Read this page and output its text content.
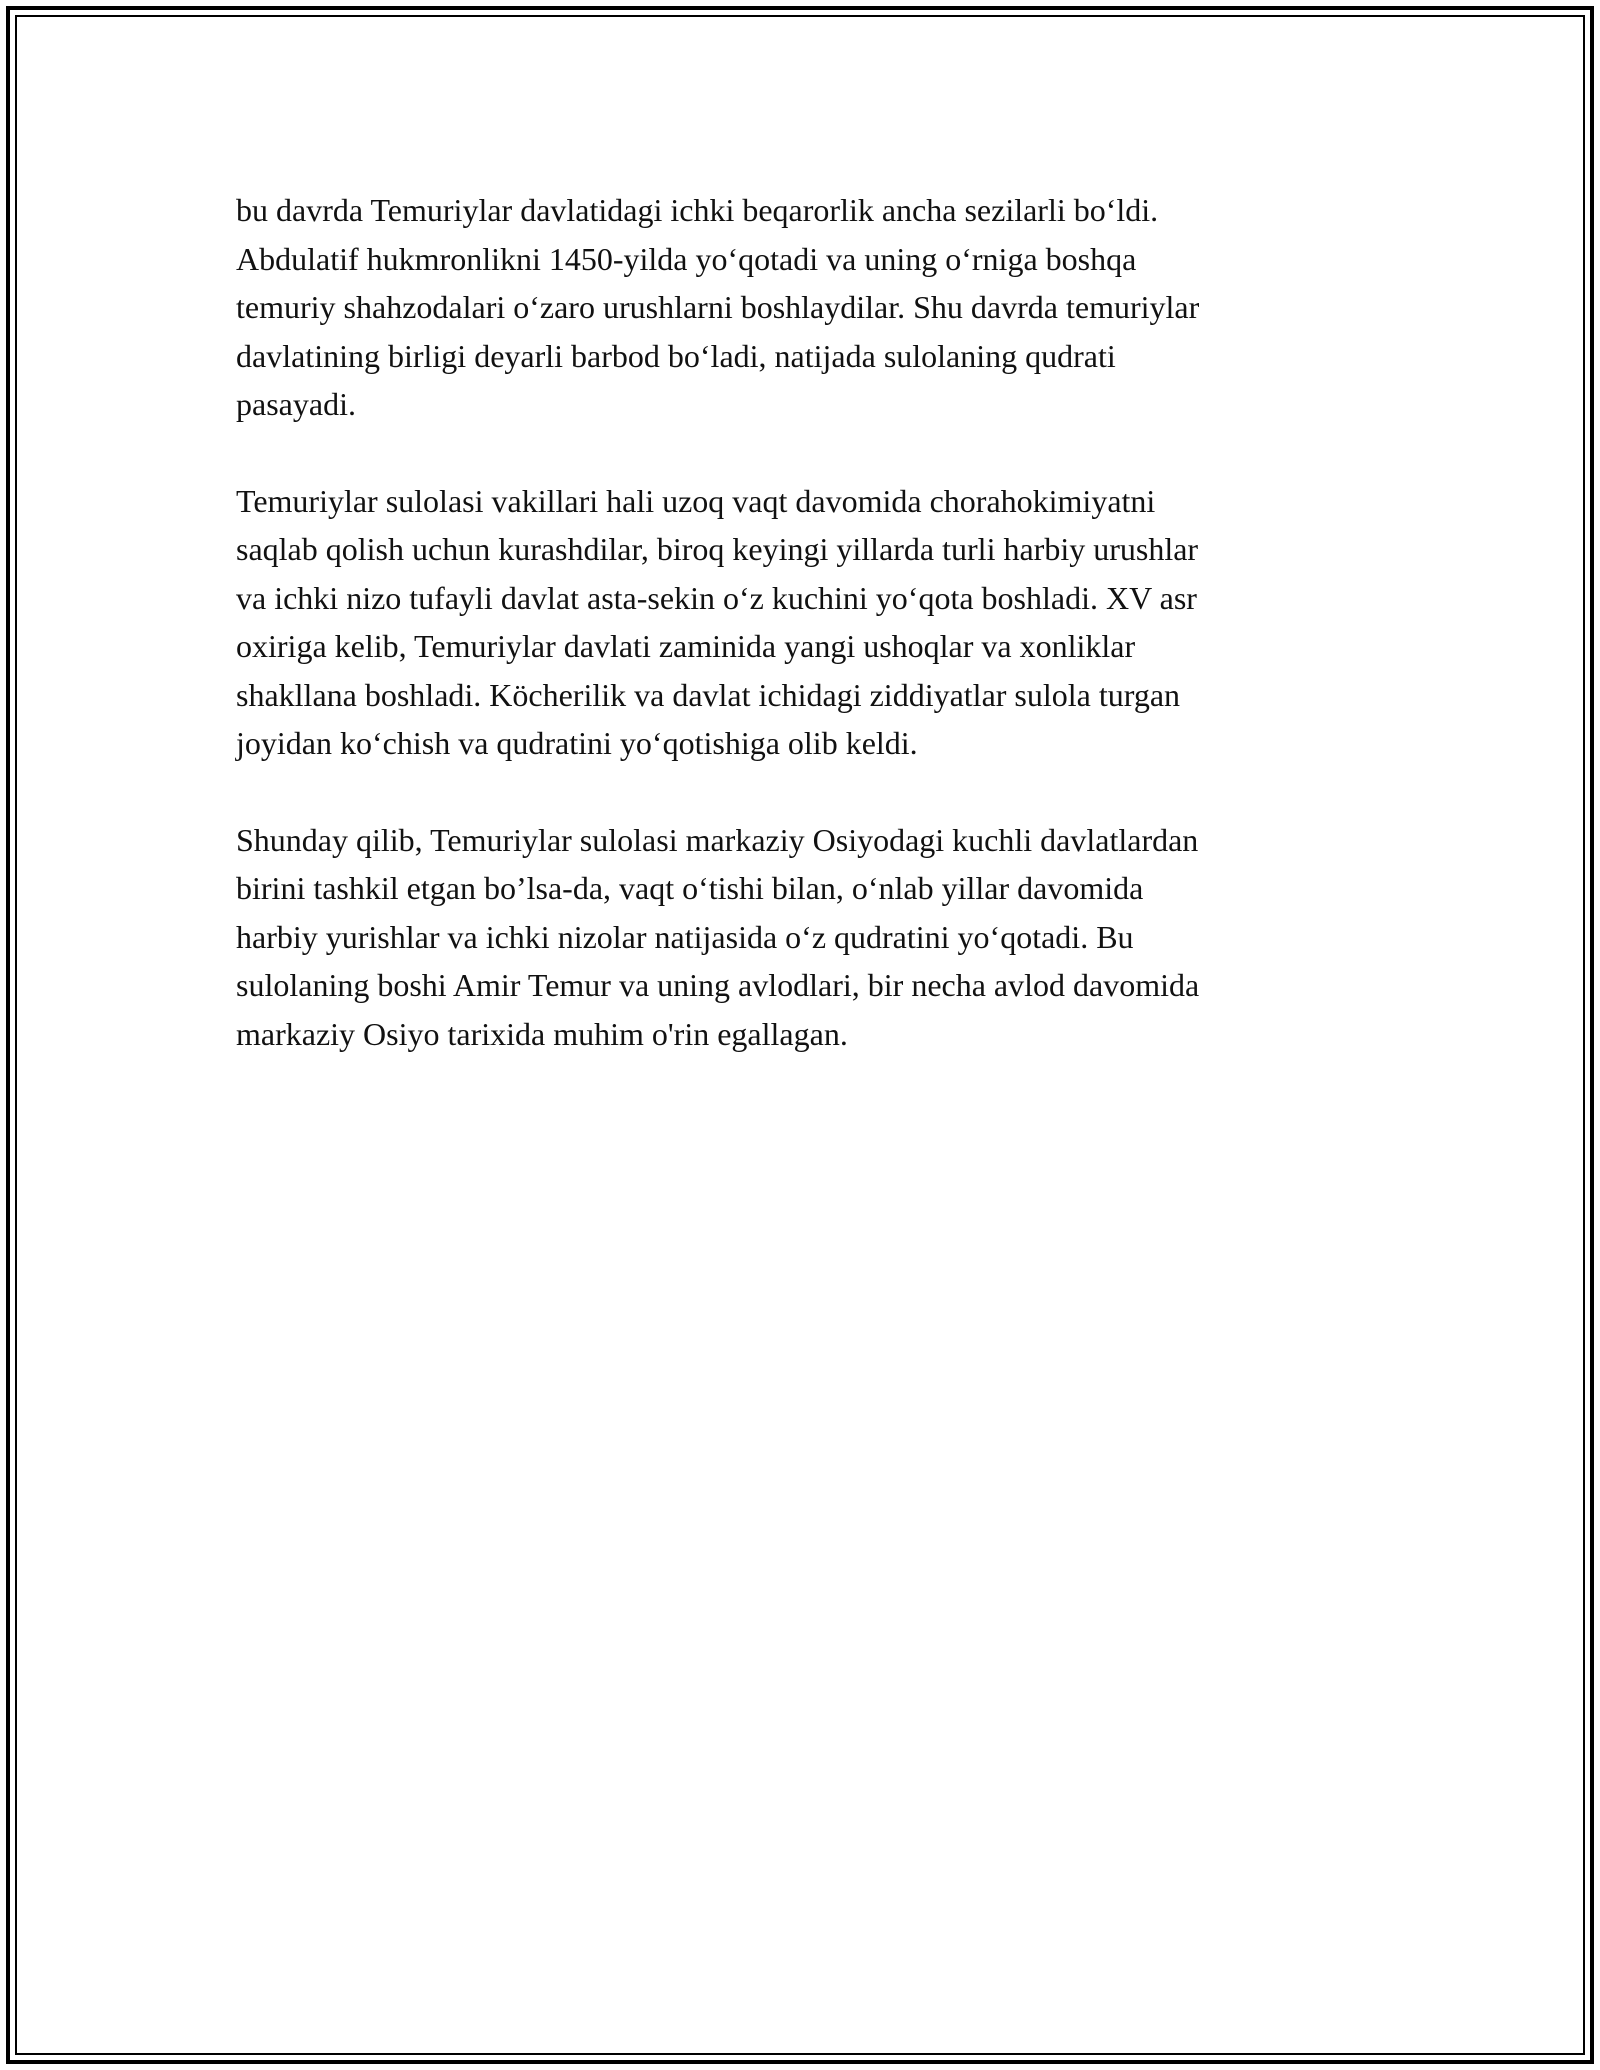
bu davrda Temuriylar davlatidagi ichki beqarorlik ancha sezilarli bo‘ldi.
Abdulatif hukmronlikni 1450-yilda yo‘qotadi va uning o‘rniga boshqa
temuriy shahzodalari o‘zaro urushlarni boshlaydilar. Shu davrda temuriylar
davlatining birligi deyarli barbod bo‘ladi, natijada sulolaning qudrati
pasayadi.

Temuriylar sulolasi vakillari hali uzoq vaqt davomida chorahokimiyatni
saqlab qolish uchun kurashdilar, biroq keyingi yillarda turli harbiy urushlar
va ichki nizo tufayli davlat asta-sekin o‘z kuchini yo‘qota boshladi. XV asr
oxiriga kelib, Temuriylar davlati zaminida yangi ushoqlar va xonliklar
shakllana boshladi. Köcherilik va davlat ichidagi ziddiyatlar sulola turgan
joyidan ko‘chish va qudratini yo‘qotishiga olib keldi.

Shunday qilib, Temuriylar sulolasi markaziy Osiyodagi kuchli davlatlardan
birini tashkil etgan bo’lsa-da, vaqt o‘tishi bilan, o‘nlab yillar davomida
harbiy yurishlar va ichki nizolar natijasida o‘z qudratini yo‘qotadi. Bu
sulolaning boshi Amir Temur va uning avlodlari, bir necha avlod davomida
markaziy Osiyo tarixida muhim o'rin egallagan.
